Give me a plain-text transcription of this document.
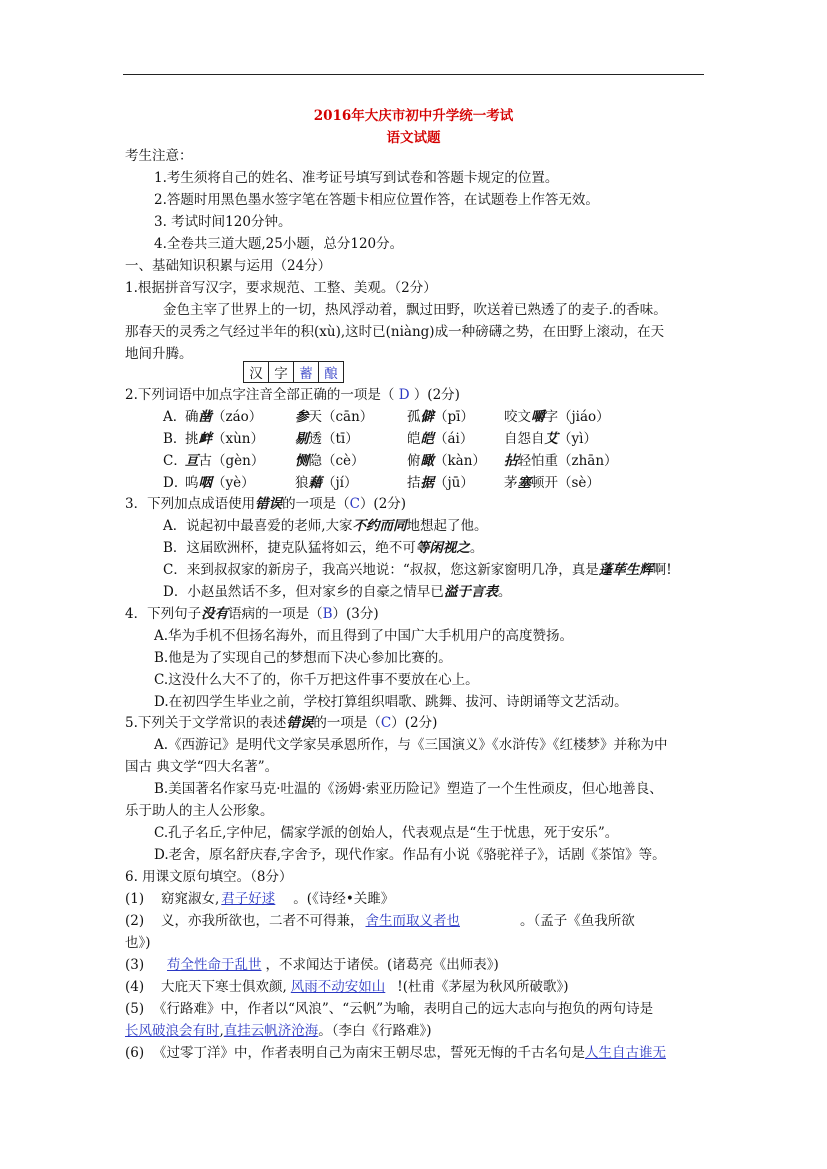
2016年大庆市初中升学统一考试
语文试题
考生注意：
1.考生须将自己的姓名、准考证号填写到试卷和答题卡规定的位置。
2.答题时用黑色墨水签字笔在答题卡相应位置作答，在试题卷上作答无效。
3. 考试时间120分钟。
4.全卷共三道大题,25小题，总分120分。
一、基础知识积累与运用（24分）
1.根据拼音写汉字，要求规范、工整、美观。（2分）
金色主宰了世界上的一切，热风浮动着，飘过田野，吹送着已熟透了的麦子.的香味。
那春天的灵秀之气经过半年的积(xù),这时已(niàng)成一种磅礴之势，在田野上滚动，在天
地间升腾。
汉	字	蓄	酿
2.下列词语中加点字注音全部正确的一项是（ D ）(2分)
A．确凿（záo） 参天（cān） 孤僻（pī） 咬文嚼字（jiáo）
B．挑衅（xùn） 剔透（tī）	皑皑（ái） 自怨自艾（yì）
C．亘古（gèn） 恻隐（cè）	俯瞰（kàn） 拈轻怕重（zhān）
D．呜咽（yè）	狼藉（jí）	拮据（jū） 茅塞顿开（sè）
3．下列加点成语使用错误的一项是（C）(2分)
A．说起初中最喜爱的老师,大家不约而同地想起了他。
B．这届欧洲杯，捷克队猛将如云，绝不可等闲视之。
C．来到叔叔家的新房子，我高兴地说：“叔叔，您这新家窗明几净，真是蓬荜生辉啊!
D．小赵虽然话不多，但对家乡的自豪之情早已溢于言表。
4．下列句子没有语病的一项是（B）(3分)
A.华为手机不但扬名海外，而且得到了中国广大手机用户的高度赞扬。
B.他是为了实现自己的梦想而下决心参加比赛的。
C.这没什么大不了的，你千万把这件事不要放在心上。
D.在初四学生毕业之前，学校打算组织唱歌、跳舞、拔河、诗朗诵等文艺活动。
5.下列关于文学常识的表述错误的一项是（C）(2分)
A.《西游记》是明代文学家吴承恩所作，与《三国演义》《水浒传》《红楼梦》并称为中
国古 典文学“四大名著”。
B.美国著名作家马克·吐温的《汤姆·索亚历险记》塑造了一个生性顽皮，但心地善良、
乐于助人的主人公形象。
C.孔子名丘,字仲尼，儒家学派的创始人，代表观点是“生于忧患，死于安乐”。
D.老舍，原名舒庆春,字舍予，现代作家。作品有小说《骆驼祥子》，话剧《茶馆》等。
6. 用课文原句填空。（8分）
(1) 窈窕淑女, 君子好逑 。(《诗经•关雎》
(2) 义，亦我所欲也，二者不可得兼， 舍生而取义者也	。（孟子《鱼我所欲
也》)
(3) 苟全性命于乱世 ，不求闻达于诸侯。(诸葛亮《出师表》)
(4) 大庇天下寒士俱欢颜, 风雨不动安如山 !(杜甫《茅屋为秋风所破歌》)
(5) 《行路难》中，作者以“风浪”、“云帆”为喻，表明自己的远大志向与抱负的两句诗是
长风破浪会有时,直挂云帆济沧海。（李白《行路难》)
(6) 《过零丁洋》中，作者表明自己为南宋王朝尽忠，誓死无悔的千古名句是人生自古谁无
